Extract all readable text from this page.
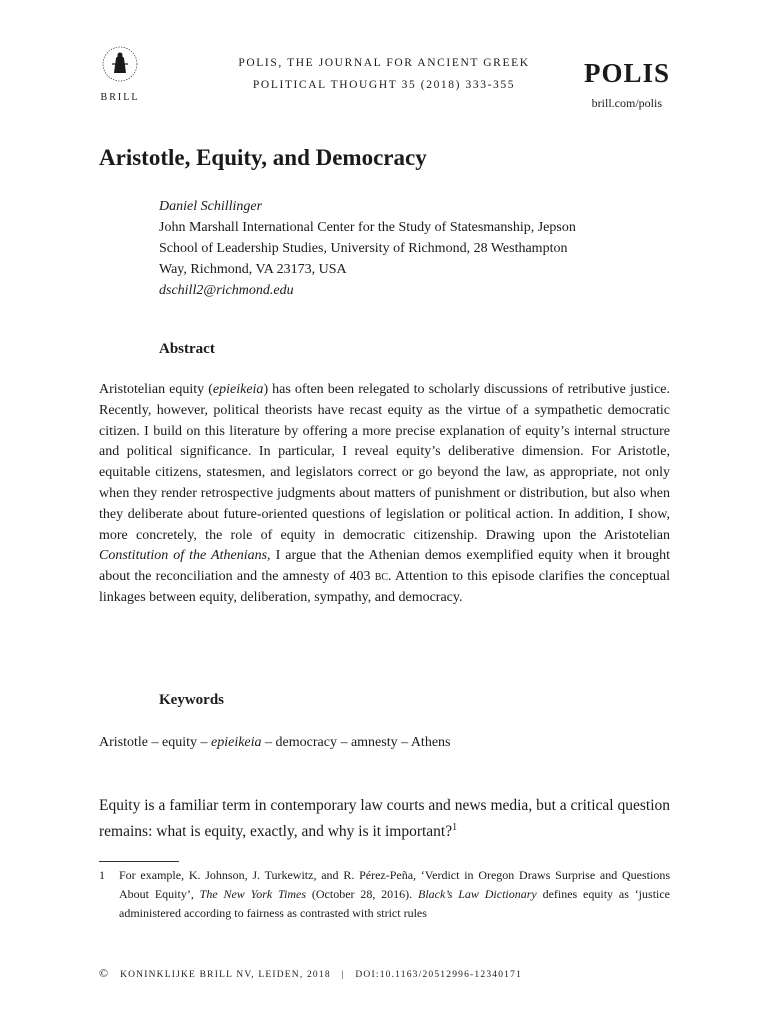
BRILL
POLIS, THE JOURNAL FOR ANCIENT GREEK
POLITICAL THOUGHT 35 (2018) 333-355	POLIS
brill.com/polis
Aristotle, Equity, and Democracy
Daniel Schillinger
John Marshall International Center for the Study of Statesmanship, Jepson
School of Leadership Studies, University of Richmond, 28 Westhampton
Way, Richmond, VA 23173, USA
dschill2@richmond.edu
Abstract
Aristotelian equity (epieikeia) has often been relegated to scholarly discussions of retributive justice. Recently, however, political theorists have recast equity as the virtue of a sympathetic democratic citizen. I build on this literature by offering a more precise explanation of equity’s internal structure and political significance. In particular, I reveal equity’s deliberative dimension. For Aristotle, equitable citizens, statesmen, and legislators correct or go beyond the law, as appropriate, not only when they render retrospective judgments about matters of punishment or distribution, but also when they deliberate about future-oriented questions of legislation or political action. In addition, I show, more concretely, the role of equity in democratic citizenship. Drawing upon the Aristotelian Constitution of the Athenians, I argue that the Athenian demos exemplified equity when it brought about the reconciliation and the amnesty of 403 bc. Attention to this episode clarifies the conceptual linkages between equity, deliberation, sympathy, and democracy.
Keywords
Aristotle – equity – epieikeia – democracy – amnesty – Athens
Equity is a familiar term in contemporary law courts and news media, but a critical question remains: what is equity, exactly, and why is it important?$^1$
1 For example, K. Johnson, J. Turkewitz, and R. Pérez-Peña, ‘Verdict in Oregon Draws Surprise and Questions About Equity’, The New York Times (October 28, 2016). Black’s Law Dictionary defines equity as ‘justice administered according to fairness as contrasted with strict rules
© KONINKLIJKE BRILL NV, LEIDEN, 2018 | DOI:10.1163/20512996-12340171
